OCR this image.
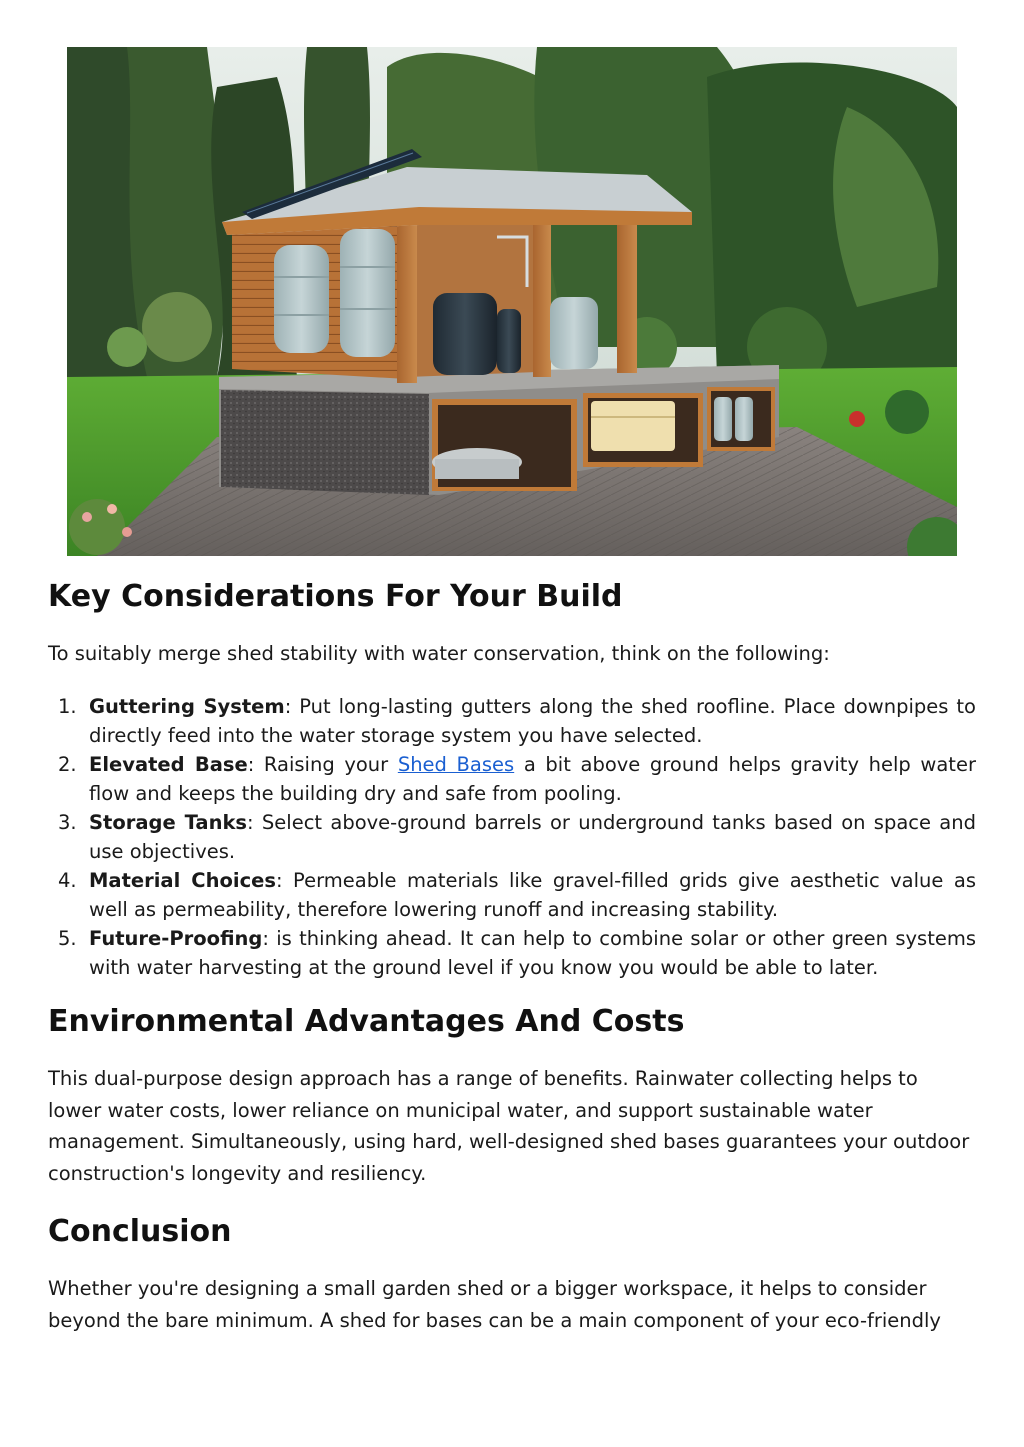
Key Considerations For Your Build

To suitably merge shed stability with water conservation, think on the following:

1. Guttering System: Put long-lasting gutters along the shed roofline. Place downpipes to directly feed into the water storage system you have selected.
2. Elevated Base: Raising your Shed Bases a bit above ground helps gravity help water flow and keeps the building dry and safe from pooling.
3. Storage Tanks: Select above-ground barrels or underground tanks based on space and use objectives.
4. Material Choices: Permeable materials like gravel-filled grids give aesthetic value as well as permeability, therefore lowering runoff and increasing stability.
5. Future-Proofing: is thinking ahead. It can help to combine solar or other green systems with water harvesting at the ground level if you know you would be able to later.
Environmental Advantages And Costs

This dual-purpose design approach has a range of benefits. Rainwater collecting helps to lower water costs, lower reliance on municipal water, and support sustainable water management. Simultaneously, using hard, well-designed shed bases guarantees your outdoor construction's longevity and resiliency.

Conclusion

Whether you're designing a small garden shed or a bigger workspace, it helps to consider beyond the bare minimum. A shed for bases can be a main component of your eco-friendly
